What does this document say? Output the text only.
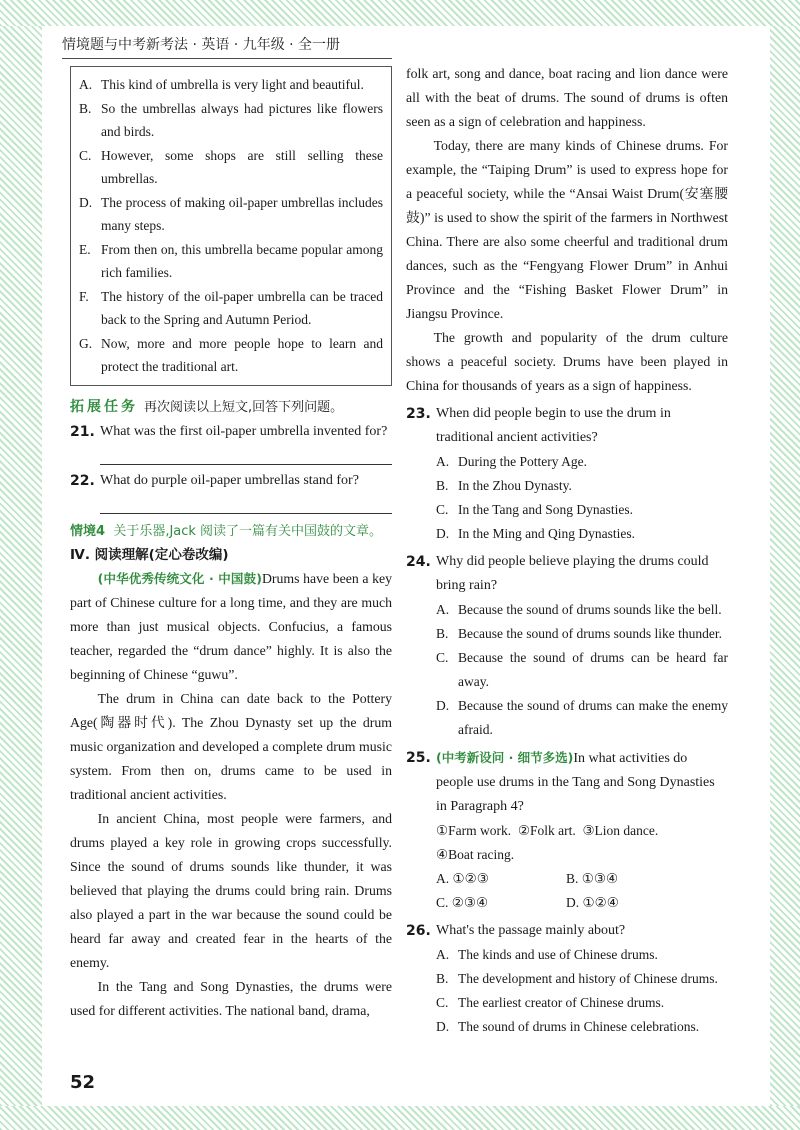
情境题与中考新考法 · 英语 · 九年级 · 全一册
A. This kind of umbrella is very light and beautiful.
B. So the umbrellas always had pictures like flowers and birds.
C. However, some shops are still selling these umbrellas.
D. The process of making oil-paper umbrellas includes many steps.
E. From then on, this umbrella became popular among rich families.
F. The history of the oil-paper umbrella can be traced back to the Spring and Autumn Period.
G. Now, more and more people hope to learn and protect the traditional art.
拓展任务 再次阅读以上短文,回答下列问题。
21. What was the first oil-paper umbrella invented for?
22. What do purple oil-paper umbrellas stand for?
情境4 关于乐器,Jack 阅读了一篇有关中国鼓的文章。
Ⅳ. 阅读理解(定心卷改编)

(中华优秀传统文化 · 中国鼓)Drums have been a key part of Chinese culture for a long time, and they are much more than just musical objects. Confucius, a famous teacher, regarded the “drum dance” highly. It is also the beginning of Chinese “guwu”.

The drum in China can date back to the Pottery Age(陶器时代). The Zhou Dynasty set up the drum music organization and developed a complete drum music system. From then on, drums came to be used in traditional ancient activities.

In ancient China, most people were farmers, and drums played a key role in growing crops successfully. Since the sound of drums sounds like thunder, it was believed that playing the drums could bring rain. Drums also played a part in the war because the sound could be heard far away and created fear in the hearts of the enemy.

In the Tang and Song Dynasties, the drums were used for different activities. The national band, drama,

folk art, song and dance, boat racing and lion dance were all with the beat of drums. The sound of drums is often seen as a sign of celebration and happiness.

Today, there are many kinds of Chinese drums. For example, the “Taiping Drum” is used to express hope for a peaceful society, while the “Ansai Waist Drum(安塞腰鼓)” is used to show the spirit of the farmers in Northwest China. There are also some cheerful and traditional drum dances, such as the “Fengyang Flower Drum” in Anhui Province and the “Fishing Basket Flower Drum” in Jiangsu Province.

The growth and popularity of the drum culture shows a peaceful society. Drums have been played in China for thousands of years as a sign of happiness.

23. When did people begin to use the drum in traditional ancient activities?
A. During the Pottery Age.
B. In the Zhou Dynasty.
C. In the Tang and Song Dynasties.
D. In the Ming and Qing Dynasties.
24. Why did people believe playing the drums could bring rain?
A. Because the sound of drums sounds like the bell.
B. Because the sound of drums sounds like thunder.
C. Because the sound of drums can be heard far away.
D. Because the sound of drums can make the enemy afraid.
25. (中考新设问 · 细节多选)In what activities do people use drums in the Tang and Song Dynasties in Paragraph 4?
①Farm work.  ②Folk art.  ③Lion dance.
④Boat racing.
A. ①②③	B. ①③④
C. ②③④	D. ①②④
26. What's the passage mainly about?
A. The kinds and use of Chinese drums.
B. The development and history of Chinese drums.
C. The earliest creator of Chinese drums.
D. The sound of drums in Chinese celebrations.
52
